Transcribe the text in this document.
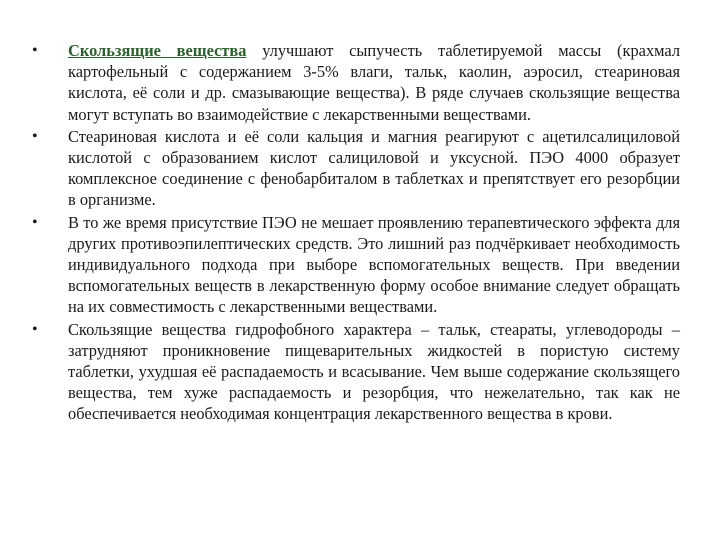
•	Скользящие вещества улучшают сыпучесть таблетируемой массы (крахмал картофельный с содержанием 3-5% влаги, тальк, каолин, аэросил, стеариновая кислота, её соли и др. смазывающие вещества). В ряде случаев скользящие вещества могут вступать во взаимодействие с лекарственными веществами.
•	Стеариновая кислота и её соли кальция и магния реагируют с ацетилсалициловой кислотой с образованием кислот салициловой и уксусной. ПЭО 4000 образует комплексное соединение с фенобарбиталом в таблетках и препятствует его резорбции в организме.
•	В то же время присутствие ПЭО не мешает проявлению терапевтического эффекта для других противоэпилептических средств. Это лишний раз подчёркивает необходимость индивидуального подхода при выборе вспомогательных веществ. При введении вспомогательных веществ в лекарственную форму особое внимание следует обращать на их совместимость с лекарственными веществами.
•	Скользящие вещества гидрофобного характера – тальк, стеараты, углеводороды – затрудняют проникновение пищеварительных жидкостей в пористую систему таблетки, ухудшая её распадаемость и всасывание. Чем выше содержание скользящего вещества, тем хуже распадаемость и резорбция, что нежелательно, так как не обеспечивается необходимая концентрация лекарственного вещества в крови.
